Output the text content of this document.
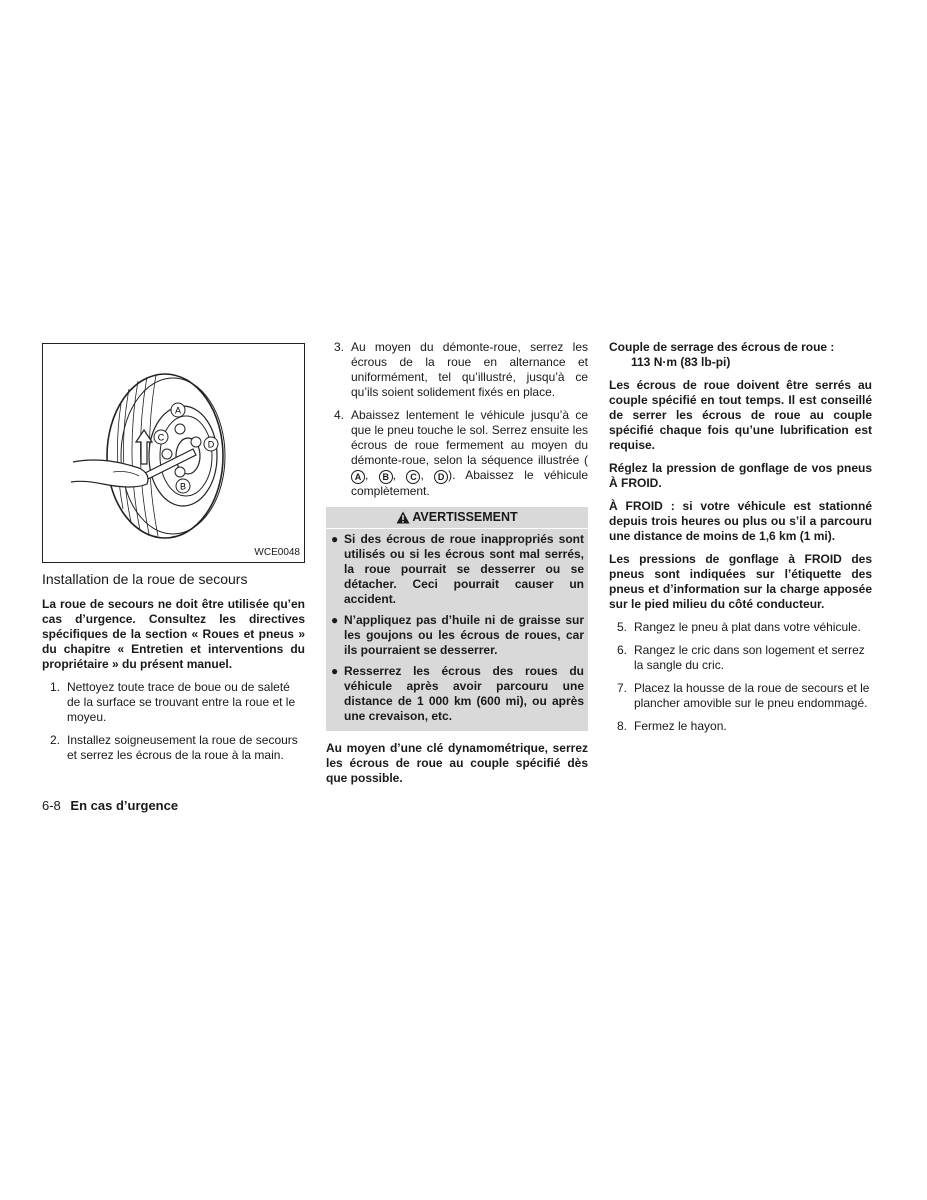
A
B
C
D
WCE0048
Installation de la roue de secours

La roue de secours ne doit être utilisée qu’en cas d’urgence. Consultez les directives spécifiques de la section « Roues et pneus » du chapitre « Entretien et interventions du propriétaire » du présent manuel.

1. Nettoyez toute trace de boue ou de saleté de la surface se trouvant entre la roue et le moyeu.
2. Installez soigneusement la roue de secours et serrez les écrous de la roue à la main.
3. Au moyen du démonte-roue, serrez les écrous de la roue en alternance et uniformément, tel qu’illustré, jusqu’à ce qu’ils soient solidement fixés en place.
4. Abaissez lentement le véhicule jusqu’à ce que le pneu touche le sol. Serrez ensuite les écrous de roue fermement au moyen du démonte-roue, selon la séquence illustrée (A , B , C , D ). Abaissez le véhicule complètement.
AVERTISSEMENT
● Si des écrous de roue inappropriés sont utilisés ou si les écrous sont mal serrés, la roue pourrait se desserrer ou se détacher. Ceci pourrait causer un accident.
● N’appliquez pas d’huile ni de graisse sur les goujons ou les écrous de roues, car ils pourraient se desserrer.
● Resserrez les écrous des roues du véhicule après avoir parcouru une distance de 1 000 km (600 mi), ou après une crevaison, etc.

Au moyen d’une clé dynamométrique, serrez les écrous de roue au couple spécifié dès que possible.

Couple de serrage des écrous de roue :

113 N·m (83 lb-pi)

Les écrous de roue doivent être serrés au couple spécifié en tout temps. Il est conseillé de serrer les écrous de roue au couple spécifié chaque fois qu’une lubrification est requise.

Réglez la pression de gonflage de vos pneus À FROID.

À FROID : si votre véhicule est stationné depuis trois heures ou plus ou s’il a parcouru une distance de moins de 1,6 km (1 mi).

Les pressions de gonflage à FROID des pneus sont indiquées sur l’étiquette des pneus et d’information sur la charge apposée sur le pied milieu du côté conducteur.

5. Rangez le pneu à plat dans votre véhicule.
6. Rangez le cric dans son logement et serrez la sangle du cric.
7. Placez la housse de la roue de secours et le plancher amovible sur le pneu endommagé.
8. Fermez le hayon.
6-8 En cas d’urgence
